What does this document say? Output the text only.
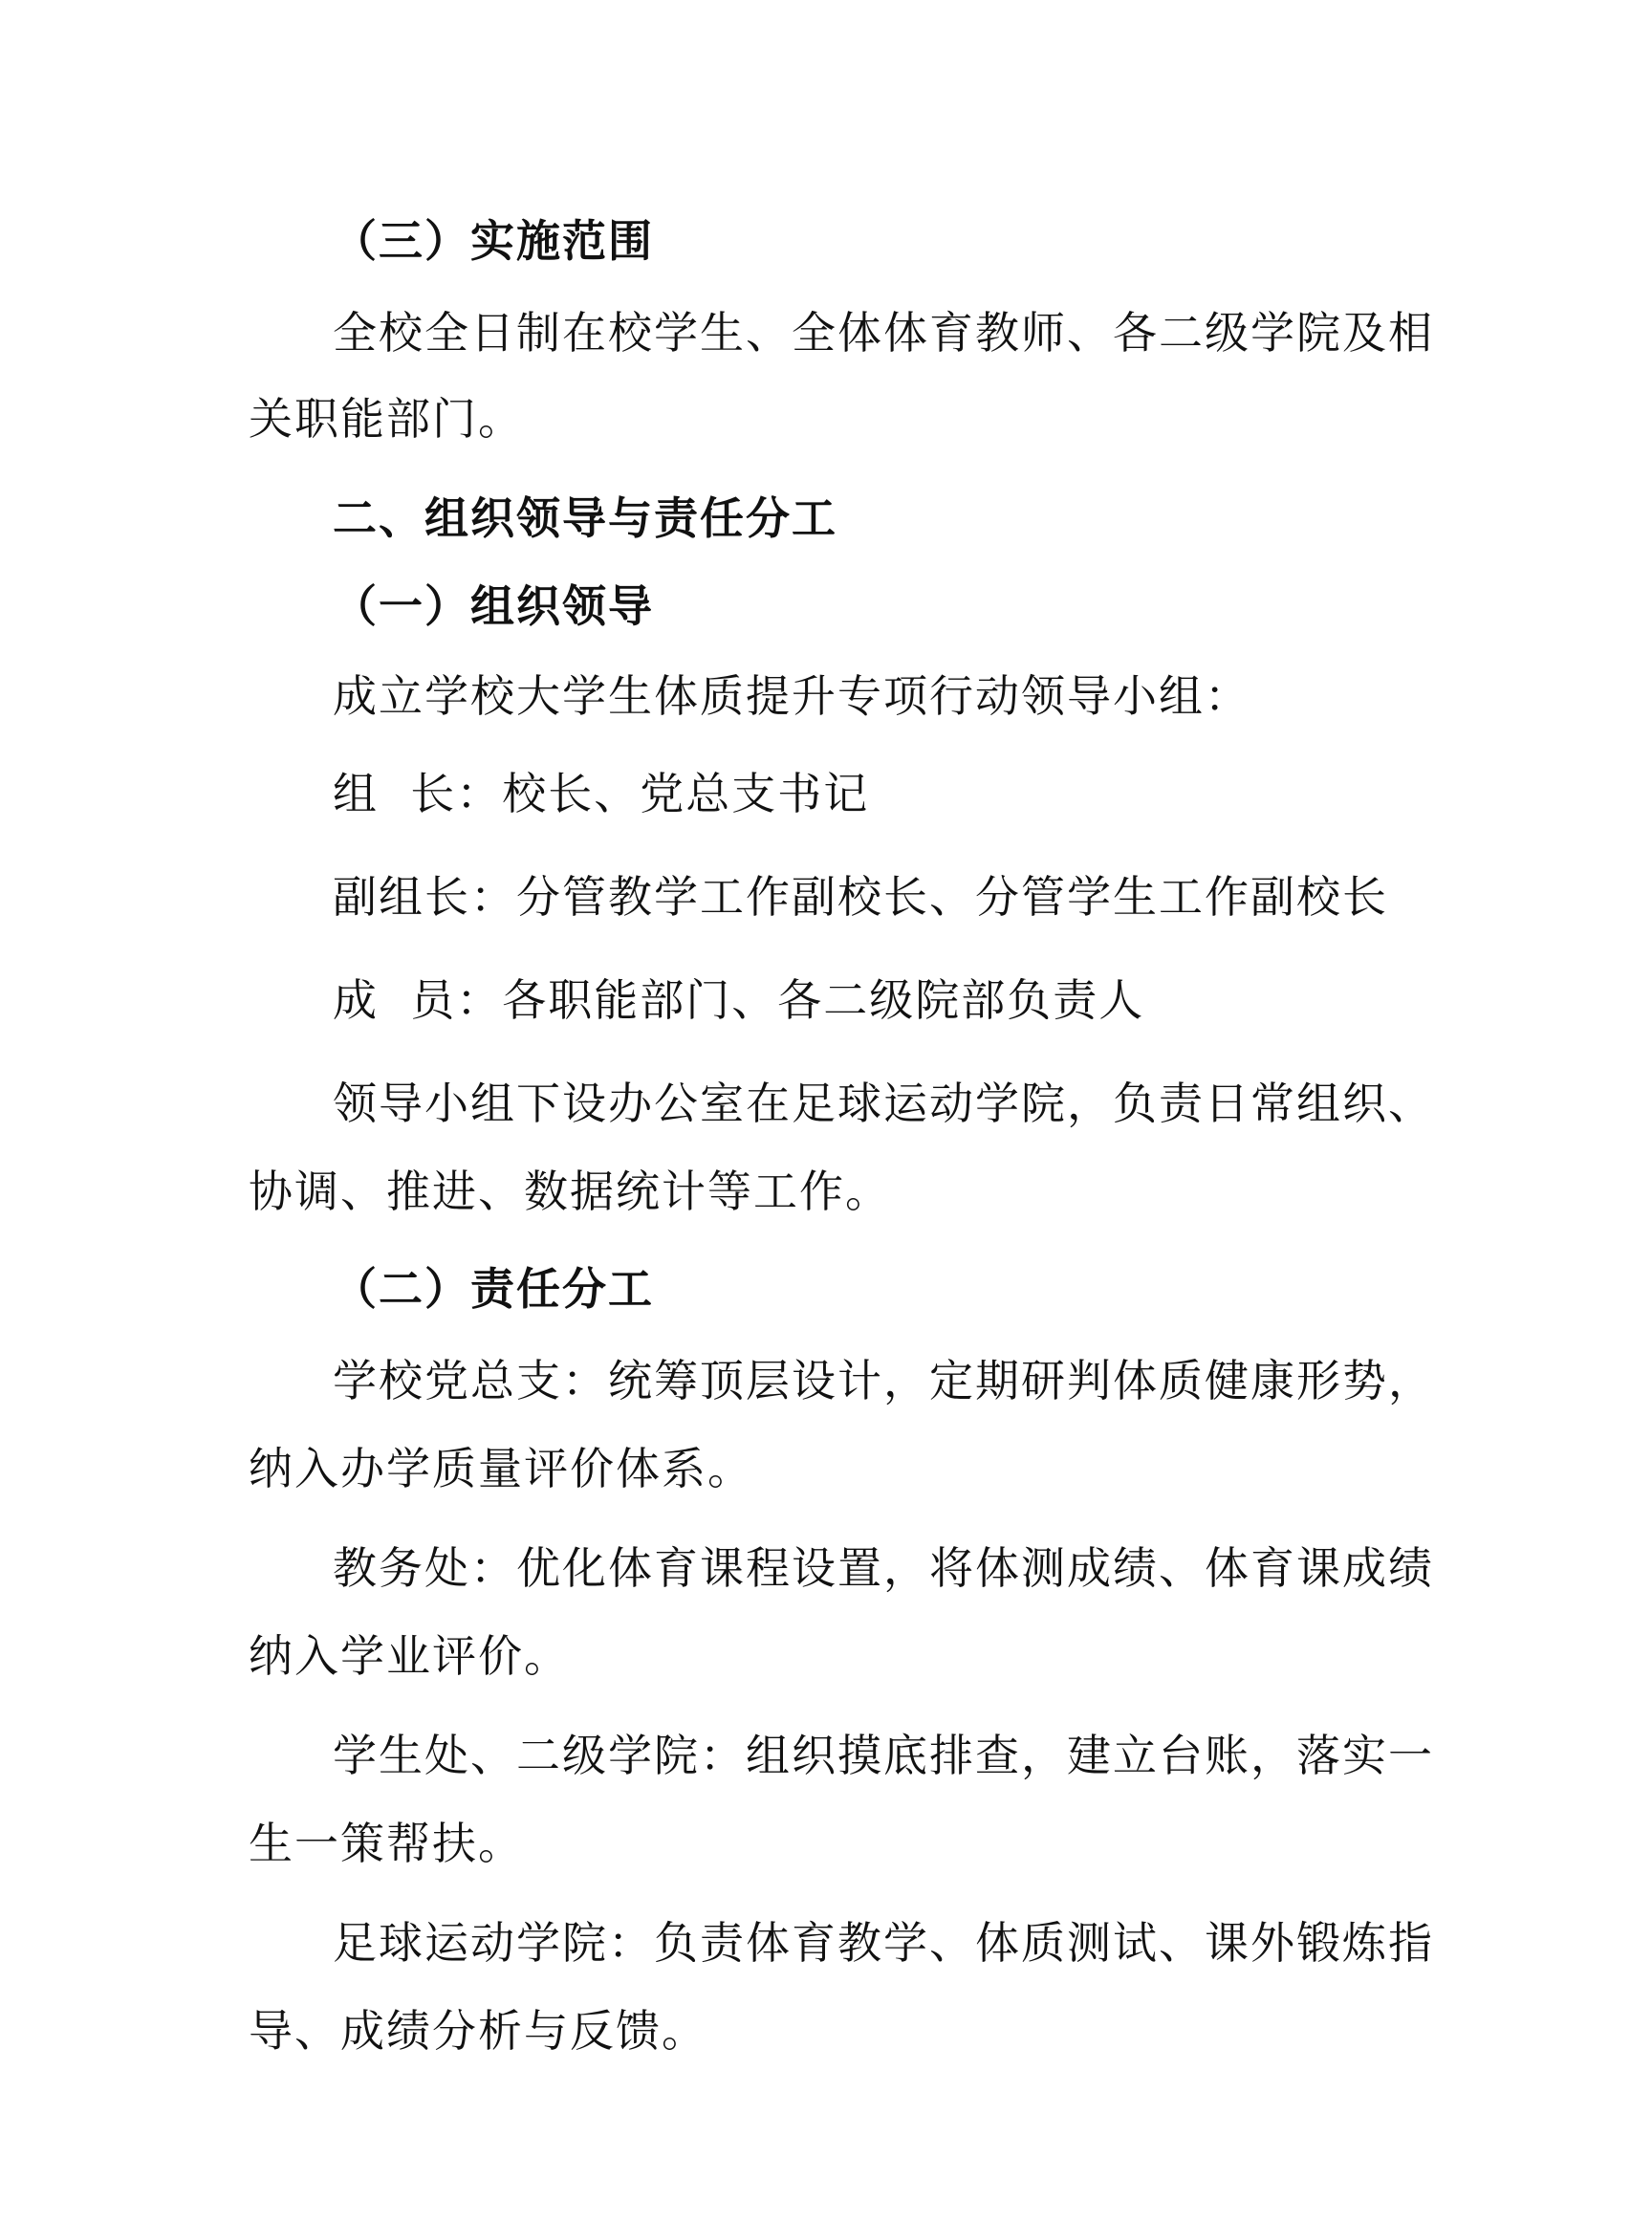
（三）实施范围
全校全日制在校学生、全体体育教师、各二级学院及相
关职能部门。
二、组织领导与责任分工
（一）组织领导
成立学校大学生体质提升专项行动领导小组：
组  长：校长、党总支书记
副组长：分管教学工作副校长、分管学生工作副校长
成  员：各职能部门、各二级院部负责人
领导小组下设办公室在足球运动学院，负责日常组织、
协调、推进、数据统计等工作。
（二）责任分工
学校党总支：统筹顶层设计，定期研判体质健康形势，
纳入办学质量评价体系。
教务处：优化体育课程设置，将体测成绩、体育课成绩
纳入学业评价。
学生处、二级学院：组织摸底排查，建立台账，落实一
生一策帮扶。
足球运动学院：负责体育教学、体质测试、课外锻炼指
导、成绩分析与反馈。
